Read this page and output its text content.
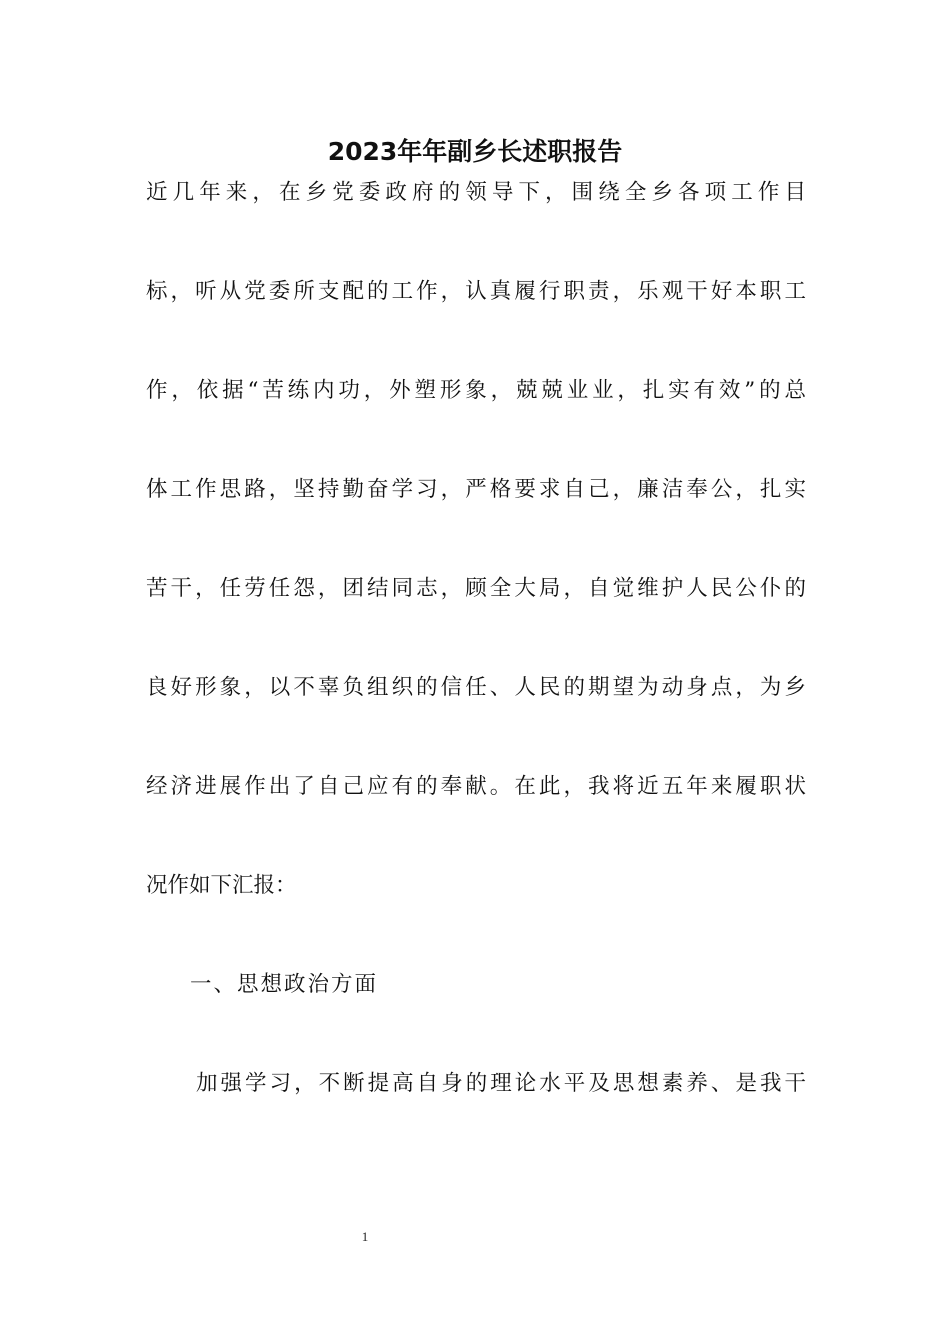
2023年年副乡长述职报告
近几年来，在乡党委政府的领导下，围绕全乡各项工作目
标，听从党委所支配的工作，认真履行职责，乐观干好本职工
作，依据“苦练内功，外塑形象，兢兢业业，扎实有效”的总
体工作思路，坚持勤奋学习，严格要求自己，廉洁奉公，扎实
苦干，任劳任怨，团结同志，顾全大局，自觉维护人民公仆的
良好形象，以不辜负组织的信任、人民的期望为动身点，为乡
经济进展作出了自己应有的奉献。在此，我将近五年来履职状
况作如下汇报：
一、思想政治方面
加强学习，不断提高自身的理论水平及思想素养、是我干
1
